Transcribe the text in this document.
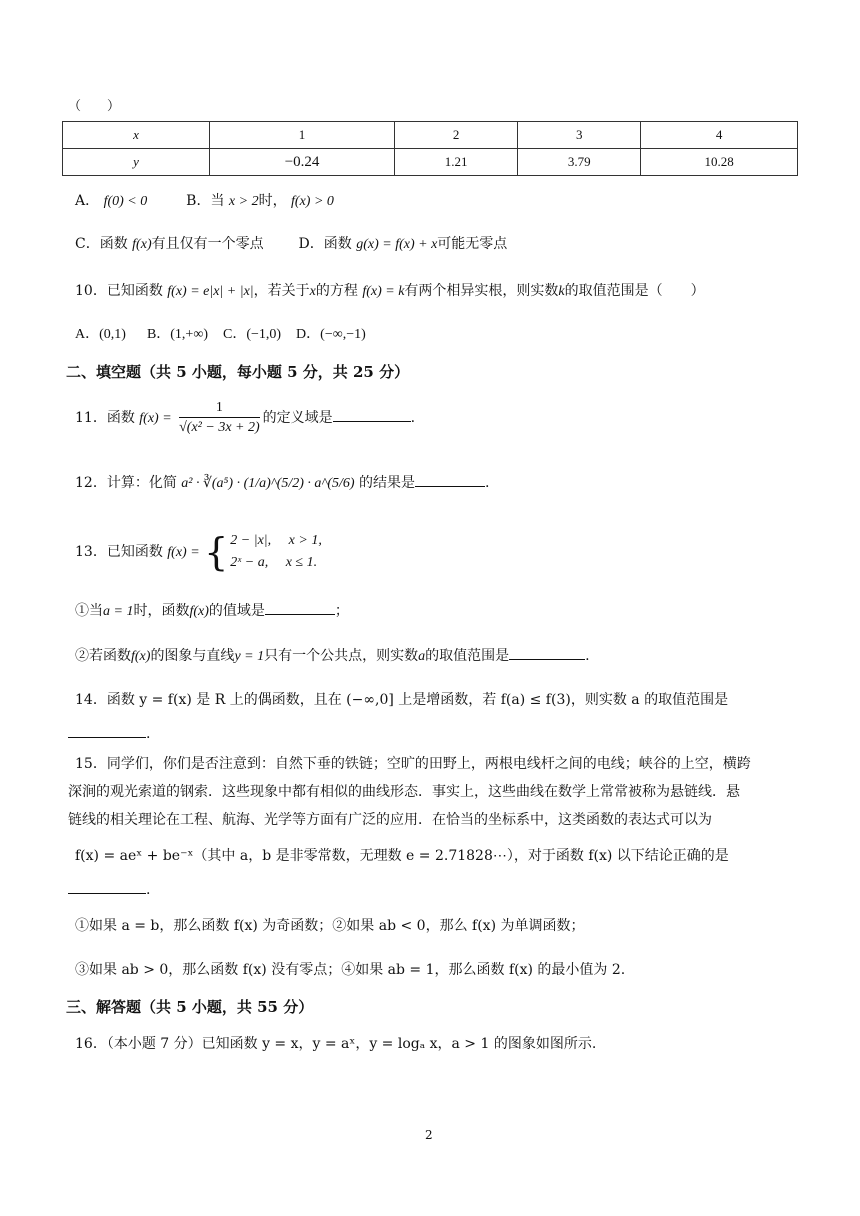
（　　）
x	1	2	3	4
y	−0.24	1.21	3.79	10.28
A． f(0) < 0	B．当 x > 2时， f(x) > 0
C．函数 f(x)有且仅有一个零点 D．函数 g(x) = f(x) + x可能无零点
10．已知函数 f(x) = e|x| + |x|，若关于x的方程 f(x) = k有两个相异实根，则实数k的取值范围是（　　）
A．(0,1) B．(1,+∞) C．(−1,0) D．(−∞,−1)
二、填空题（共 5 小题，每小题 5 分，共 25 分）
11．函数 $f(x) = \frac{1}{\text{√(x² − 3x + 2)}}$ 的定义域是	.
12．计算：化简 a² · ∛(a⁵) · (1/a)^(5/2) · a^(5/6) 的结果是	.
13．已知函数 f(x) = { 2 − |x|,　 x > 1,
2ˣ − a,　 x ≤ 1.
①当a = 1时，函数f(x)的值域是	；
②若函数f(x)的图象与直线y = 1只有一个公共点，则实数a的取值范围是	.
14．函数 y = f(x) 是 R 上的偶函数，且在 (−∞,0] 上是增函数，若 f(a) ≤ f(3)，则实数 a 的取值范围是
.
15．同学们，你们是否注意到：自然下垂的铁链；空旷的田野上，两根电线杆之间的电线；峡谷的上空，横跨
深涧的观光索道的钢索．这些现象中都有相似的曲线形态．事实上，这些曲线在数学上常常被称为悬链线．悬
链线的相关理论在工程、航海、光学等方面有广泛的应用．在恰当的坐标系中，这类函数的表达式可以为
f(x) = aeˣ + be⁻ˣ（其中 a，b 是非零常数，无理数 e = 2.71828⋯），对于函数 f(x) 以下结论正确的是
.
①如果 a = b，那么函数 f(x) 为奇函数；②如果 ab < 0，那么 f(x) 为单调函数；
③如果 ab > 0，那么函数 f(x) 没有零点；④如果 ab = 1，那么函数 f(x) 的最小值为 2.
三、解答题（共 5 小题，共 55 分）
16．（本小题 7 分）已知函数 y = x，y = aˣ，y = logₐ x，a > 1 的图象如图所示.
2
